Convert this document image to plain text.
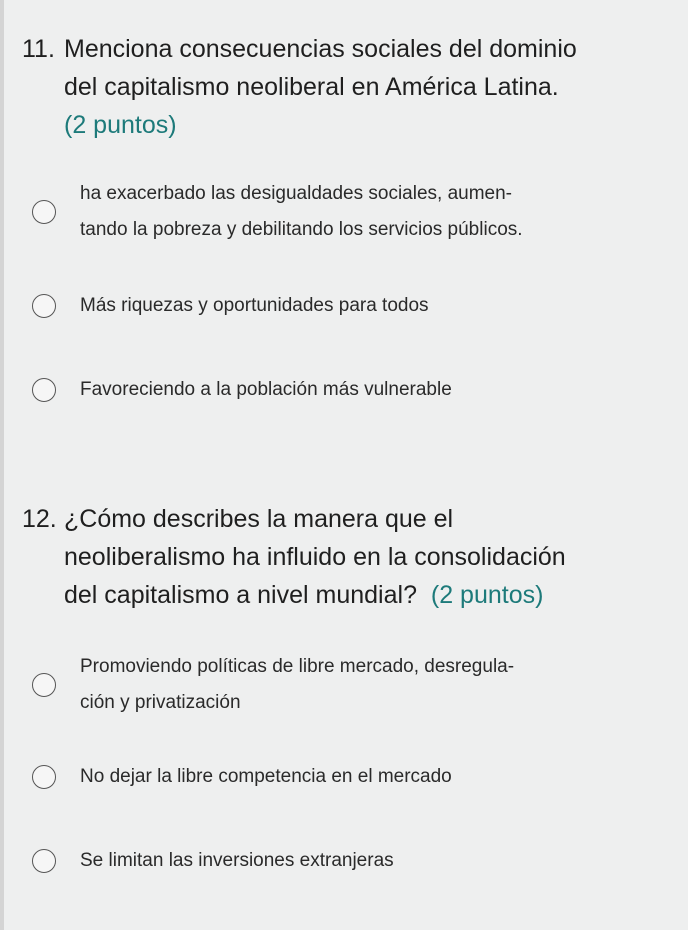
11. Menciona consecuencias sociales del dominio

del capitalismo neoliberal en América Latina.

(2 puntos)

ha exacerbado las desigualdades sociales, aumen-
tando la pobreza y debilitando los servicios públicos.
Más riquezas y oportunidades para todos
Favoreciendo a la población más vulnerable

12. ¿Cómo describes la manera que el

neoliberalismo ha influido en la consolidación

del capitalismo a nivel mundial? (2 puntos)

Promoviendo políticas de libre mercado, desregula-
ción y privatización
No dejar la libre competencia en el mercado
Se limitan las inversiones extranjeras
